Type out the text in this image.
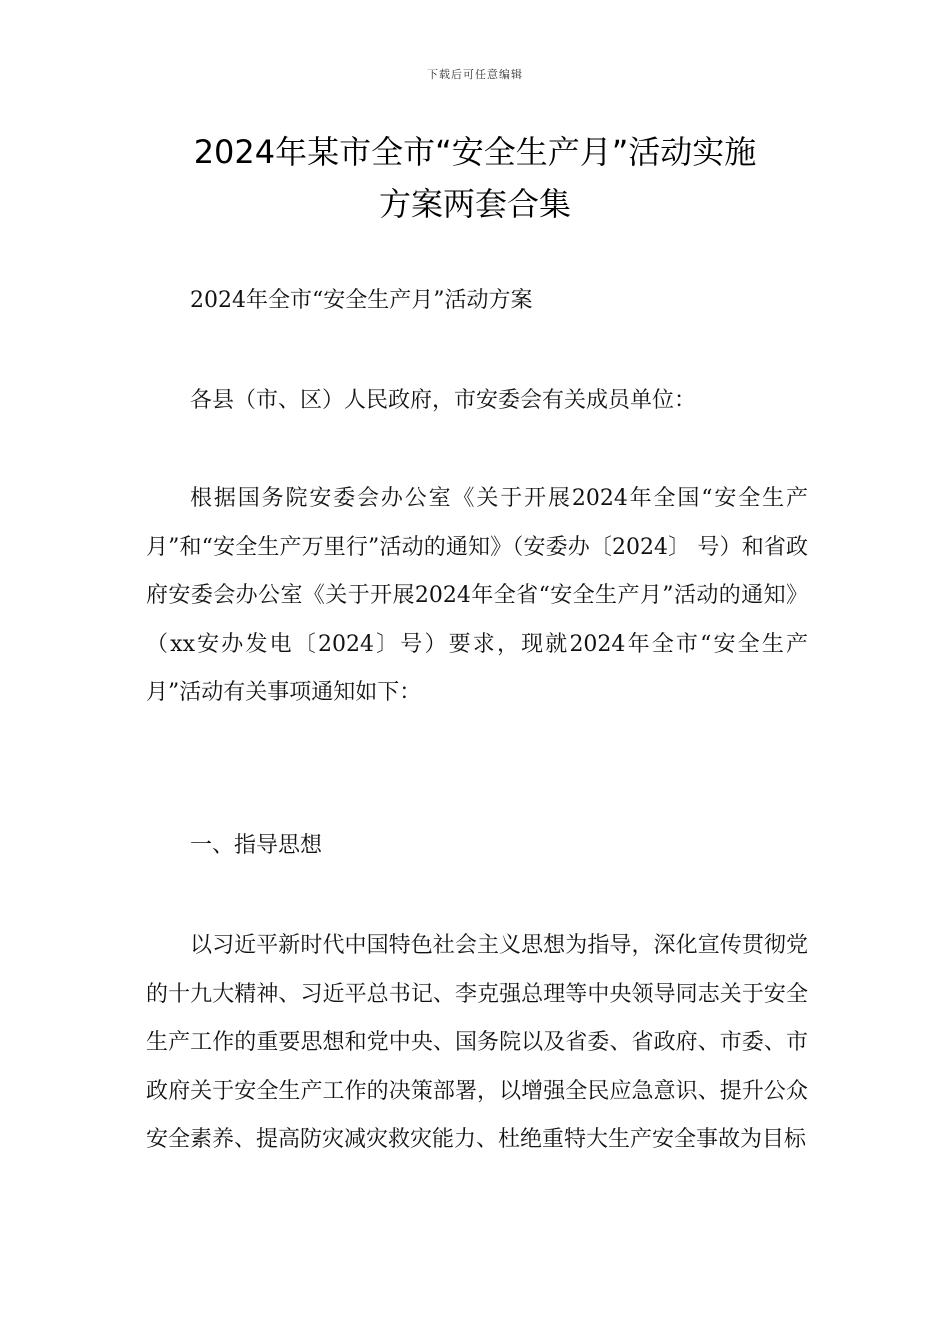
下载后可任意编辑
2024年某市全市“安全生产月”活动实施
方案两套合集

2024年全市“安全生产月”活动方案

各县（市、区）人民政府，市安委会有关成员单位：

根据国务院安委会办公室《关于开展2024年全国“安全生产月”和“安全生产万里行”活动的通知》（安委办〔2024〕 号）和省政府安委会办公室《关于开展2024年全省“安全生产月”活动的通知》（xx安办发电〔2024〕号）要求，现就2024年全市“安全生产月”活动有关事项通知如下：

一、指导思想

以习近平新时代中国特色社会主义思想为指导，深化宣传贯彻党的十九大精神、习近平总书记、李克强总理等中央领导同志关于安全生产工作的重要思想和党中央、国务院以及省委、省政府、市委、市政府关于安全生产工作的决策部署，以增强全民应急意识、提升公众安全素养、提高防灾减灾救灾能力、杜绝重特大生产安全事故为目标
